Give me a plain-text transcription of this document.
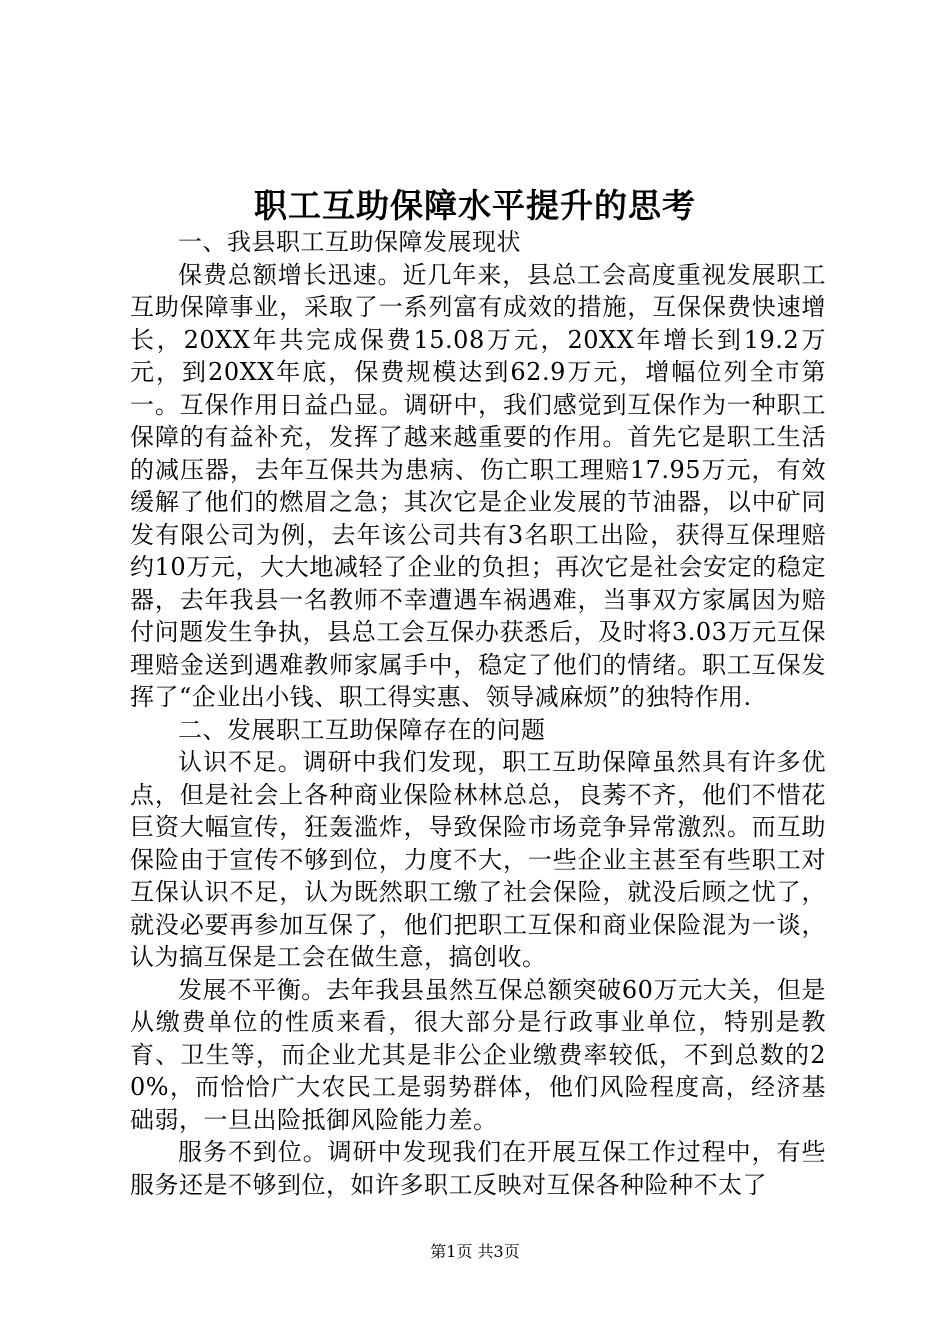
职工互助保障水平提升的思考

一、我县职工互助保障发展现状

保费总额增长迅速。近几年来，县总工会高度重视发展职工互助保障事业，采取了一系列富有成效的措施，互保保费快速增长，20XX年共完成保费15.08万元，20XX年增长到19.2万元，到20XX年底，保费规模达到62.9万元，增幅位列全市第一。互保作用日益凸显。调研中，我们感觉到互保作为一种职工保障的有益补充，发挥了越来越重要的作用。首先它是职工生活的减压器，去年互保共为患病、伤亡职工理赔17.95万元，有效缓解了他们的燃眉之急；其次它是企业发展的节油器，以中矿同发有限公司为例，去年该公司共有3名职工出险，获得互保理赔约10万元，大大地减轻了企业的负担；再次它是社会安定的稳定器，去年我县一名教师不幸遭遇车祸遇难，当事双方家属因为赔付问题发生争执，县总工会互保办获悉后，及时将3.03万元互保理赔金送到遇难教师家属手中，稳定了他们的情绪。职工互保发挥了“企业出小钱、职工得实惠、领导减麻烦”的独特作用.

二、发展职工互助保障存在的问题

认识不足。调研中我们发现，职工互助保障虽然具有许多优点，但是社会上各种商业保险林林总总，良莠不齐，他们不惜花巨资大幅宣传，狂轰滥炸，导致保险市场竞争异常激烈。而互助保险由于宣传不够到位，力度不大，一些企业主甚至有些职工对互保认识不足，认为既然职工缴了社会保险，就没后顾之忧了，就没必要再参加互保了，他们把职工互保和商业保险混为一谈，认为搞互保是工会在做生意，搞创收。

发展不平衡。去年我县虽然互保总额突破60万元大关，但是从缴费单位的性质来看，很大部分是行政事业单位，特别是教育、卫生等，而企业尤其是非公企业缴费率较低，不到总数的20%，而恰恰广大农民工是弱势群体，他们风险程度高，经济基础弱，一旦出险抵御风险能力差。

服务不到位。调研中发现我们在开展互保工作过程中，有些服务还是不够到位，如许多职工反映对互保各种险种不太了

第1页 共3页
